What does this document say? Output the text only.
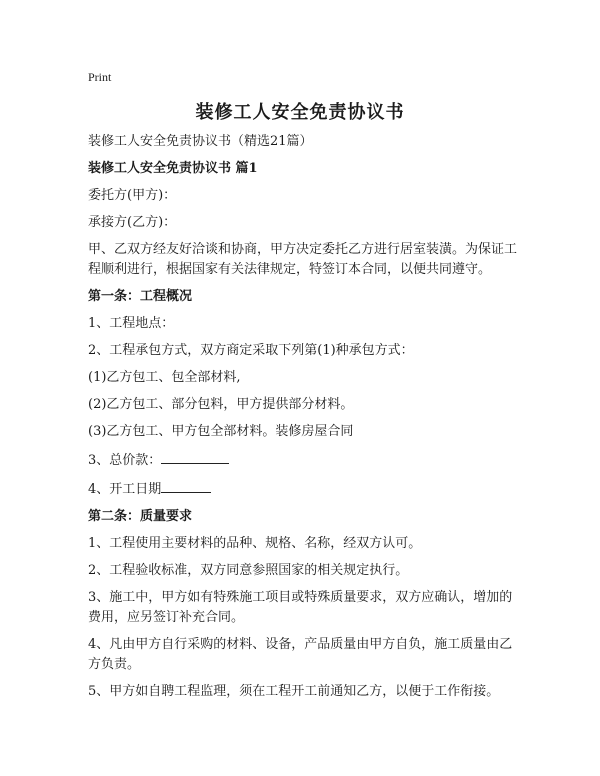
Print
装修工人安全免责协议书

装修工人安全免责协议书（精选21篇）

装修工人安全免责协议书 篇1

委托方(甲方)：

承接方(乙方)：

甲、乙双方经友好洽谈和协商，甲方决定委托乙方进行居室装潢。为保证工程顺利进行，根据国家有关法律规定，特签订本合同，以便共同遵守。

第一条：工程概况

1、工程地点：

2、工程承包方式，双方商定采取下列第(1)种承包方式：

(1)乙方包工、包全部材料,

(2)乙方包工、部分包料，甲方提供部分材料。

(3)乙方包工、甲方包全部材料。装修房屋合同

3、总价款：

4、开工日期

第二条：质量要求

1、工程使用主要材料的品种、规格、名称，经双方认可。

2、工程验收标准，双方同意参照国家的相关规定执行。

3、施工中，甲方如有特殊施工项目或特殊质量要求，双方应确认，增加的费用，应另签订补充合同。

4、凡由甲方自行采购的材料、设备，产品质量由甲方自负，施工质量由乙方负责。

5、甲方如自聘工程监理，须在工程开工前通知乙方，以便于工作衔接。
